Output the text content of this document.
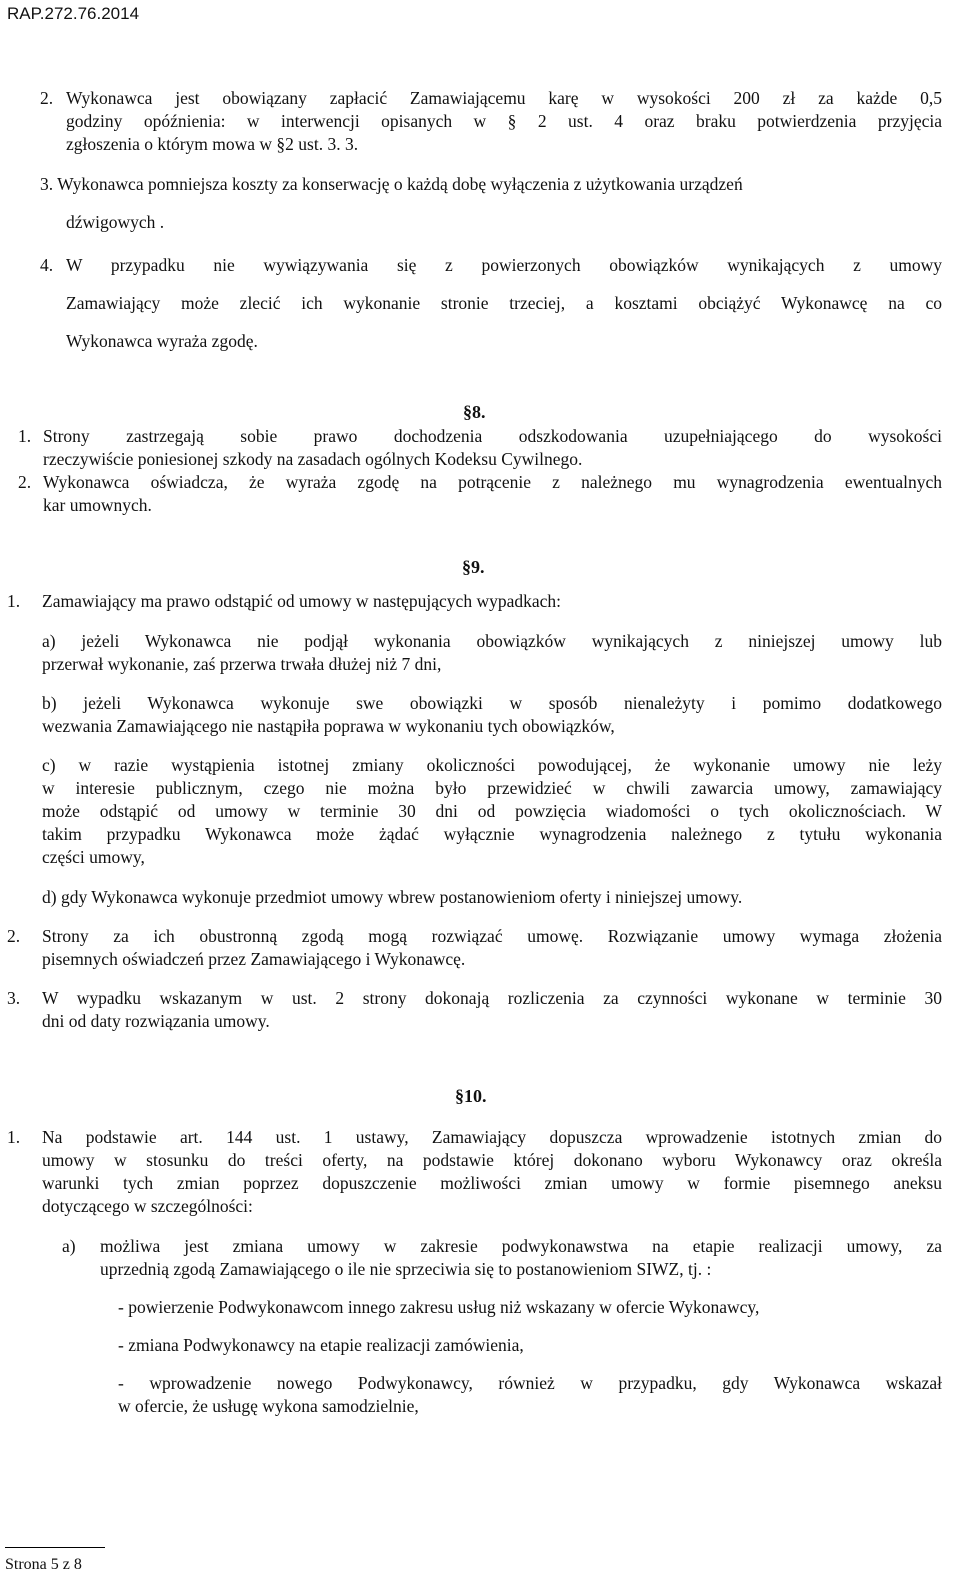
RAP.272.76.2014
2. Wykonawca jest obowiązany zapłacić Zamawiającemu karę w wysokości 200 zł za każde 0,5

godziny opóźnienia: w interwencji opisanych w § 2 ust. 4 oraz braku potwierdzenia przyjęcia

zgłoszenia o którym mowa w §2 ust. 3. 3.

3. Wykonawca pomniejsza koszty za konserwację o każdą dobę wyłączenia z użytkowania urządzeń

dźwigowych .

4. W przypadku nie wywiązywania się z powierzonych obowiązków wynikających z umowy

Zamawiający może zlecić ich wykonanie stronie trzeciej, a kosztami obciążyć Wykonawcę na co

Wykonawca wyraża zgodę.

§8.
1. Strony zastrzegają sobie prawo dochodzenia odszkodowania uzupełniającego do wysokości

rzeczywiście poniesionej szkody na zasadach ogólnych Kodeksu Cywilnego.

2. Wykonawca oświadcza, że wyraża zgodę na potrącenie z należnego mu wynagrodzenia ewentualnych

kar umownych.

§9.
1. Zamawiający ma prawo odstąpić od umowy w następujących wypadkach:

a) jeżeli Wykonawca nie podjął wykonania obowiązków wynikających z niniejszej umowy lub

przerwał wykonanie, zaś przerwa trwała dłużej niż 7 dni,

b) jeżeli Wykonawca wykonuje swe obowiązki w sposób nienależyty i pomimo dodatkowego

wezwania Zamawiającego nie nastąpiła poprawa w wykonaniu tych obowiązków,

c) w razie wystąpienia istotnej zmiany okoliczności powodującej, że wykonanie umowy nie leży

w interesie publicznym, czego nie można było przewidzieć w chwili zawarcia umowy, zamawiający

może odstąpić od umowy w terminie 30 dni od powzięcia wiadomości o tych okolicznościach. W

takim przypadku Wykonawca może żądać wyłącznie wynagrodzenia należnego z tytułu wykonania

części umowy,

d) gdy Wykonawca wykonuje przedmiot umowy wbrew postanowieniom oferty i niniejszej umowy.

2. Strony za ich obustronną zgodą mogą rozwiązać umowę. Rozwiązanie umowy wymaga złożenia

pisemnych oświadczeń przez Zamawiającego i Wykonawcę.

3. W wypadku wskazanym w ust. 2 strony dokonają rozliczenia za czynności wykonane w terminie 30

dni od daty rozwiązania umowy.

§10.
1. Na podstawie art. 144 ust. 1 ustawy, Zamawiający dopuszcza wprowadzenie istotnych zmian do

umowy w stosunku do treści oferty, na podstawie której dokonano wyboru Wykonawcy oraz określa

warunki tych zmian poprzez dopuszczenie możliwości zmian umowy w formie pisemnego aneksu

dotyczącego w szczególności:

a) możliwa jest zmiana umowy w zakresie podwykonawstwa na etapie realizacji umowy, za

uprzednią zgodą Zamawiającego o ile nie sprzeciwia się to postanowieniom SIWZ, tj. :

- powierzenie Podwykonawcom innego zakresu usług niż wskazany w ofercie Wykonawcy,

- zmiana Podwykonawcy na etapie realizacji zamówienia,

- wprowadzenie nowego Podwykonawcy, również w przypadku, gdy Wykonawca wskazał

w ofercie, że usługę wykona samodzielnie,

Strona 5 z 8
